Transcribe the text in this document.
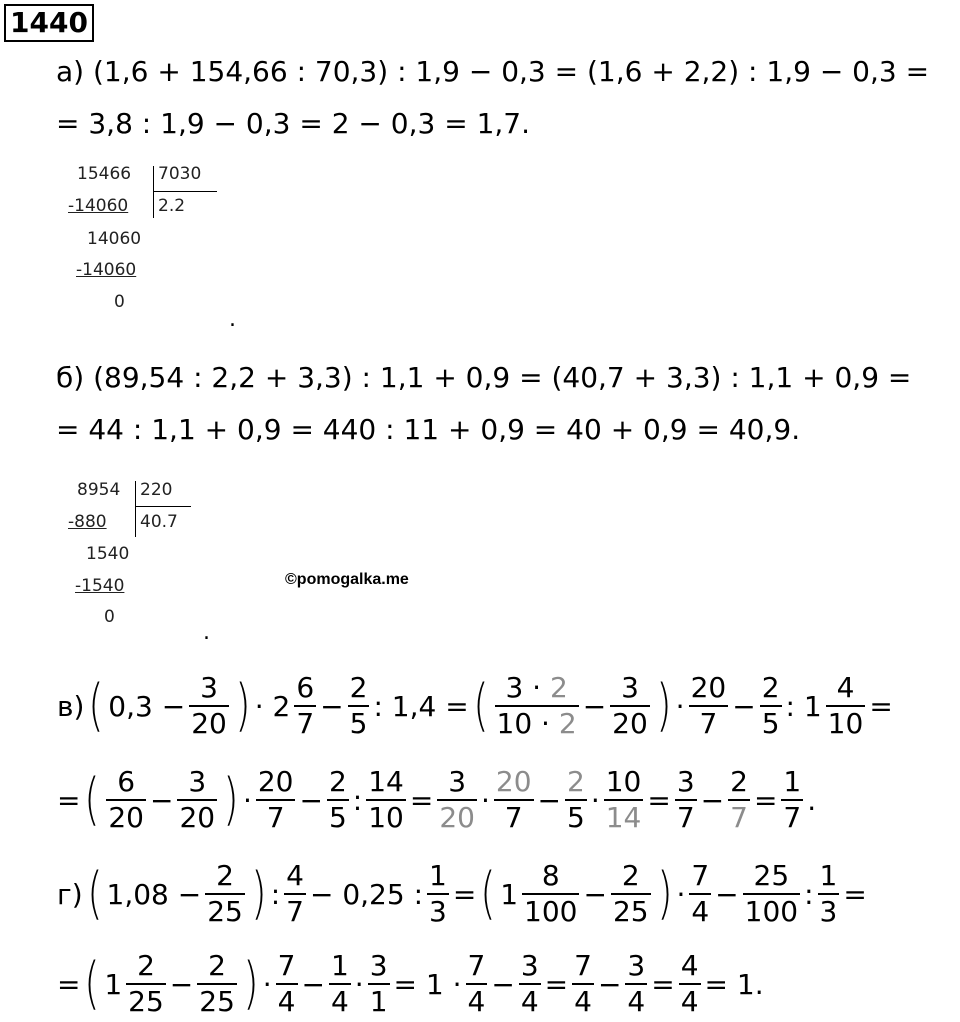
1440
а) (1,6 + 154,66 : 70,3) : 1,9 − 0,3 = (1,6 + 2,2) : 1,9 − 0,3 =
= 3,8 : 1,9 − 0,3 = 2 − 0,3 = 1,7.
15466 7030
-14060 2.2
14060
-14060
0
.
б) (89,54 : 2,2 + 3,3) : 1,1 + 0,9 = (40,7 + 3,3) : 1,1 + 0,9 =
= 44 : 1,1 + 0,9 = 440 : 11 + 0,9 = 40 + 0,9 = 40,9.
8954 220
-880 40.7
1540
-1540
0
©pomogalka.me
.
в) ( $0,3 - \frac{3}{20}$ ) · $2 \frac{6}{7} - \frac{2}{5}$ : 1,4 = ( $\frac{3 \cdot 2}{10 \cdot 2} - \frac{3}{20}$ ) · $\frac{20}{7} - \frac{2}{5}$ : $1 \frac{4}{10}$ =
= ( $\frac{6}{20} - \frac{3}{20}$ ) · $\frac{20}{7} - \frac{2}{5}$ : $\frac{14}{10} = \frac{3}{20} \cdot \frac{20}{7} - \frac{2}{5} \cdot \frac{10}{14} = \frac{3}{7} - \frac{2}{7} = \frac{1}{7}$ .
г) ( $1,08 - \frac{2}{25}$ ) : $\frac{4}{7} - 0,25$ : $\frac{1}{3}$ = ( $1 \frac{8}{100} - \frac{2}{25}$ ) · $\frac{7}{4} - \frac{25}{100}$ : $\frac{1}{3}$ =
= ( $1 \frac{2}{25} - \frac{2}{25}$ ) · $\frac{7}{4} - \frac{1}{4} \cdot \frac{3}{1} = 1 \cdot \frac{7}{4} - \frac{3}{4} = \frac{7}{4} - \frac{3}{4} = \frac{4}{4} = 1$.
